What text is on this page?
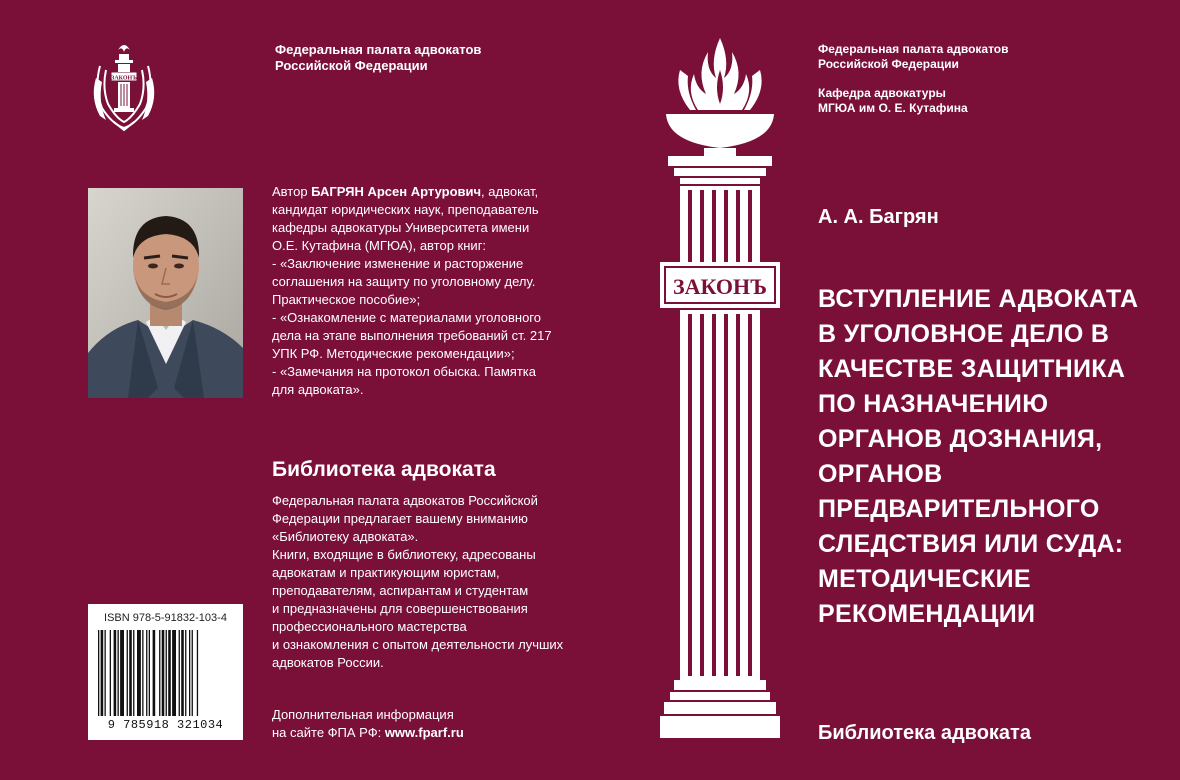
ЗАКОНЪ
Федеральная палата адвокатов
Российской Федерации
Автор БАГРЯН Арсен Артурович, адвокат,
кандидат юридических наук, преподаватель
кафедры адвокатуры Университета имени
О.Е. Кутафина (МГЮА), автор книг:
- «Заключение изменение и расторжение
соглашения на защиту по уголовному делу.
Практическое пособие»;
- «Ознакомление с материалами уголовного
дела на этапе выполнения требований ст. 217
УПК РФ. Методические рекомендации»;
- «Замечания на протокол обыска. Памятка
для адвоката».
Библиотека адвоката
Федеральная палата адвокатов Российской
Федерации предлагает вашему вниманию
«Библиотеку адвоката».
Книги, входящие в библиотеку, адресованы
адвокатам и практикующим юристам,
преподавателям, аспирантам и студентам
и предназначены для совершенствования
профессионального мастерства
и ознакомления с опытом деятельности лучших
адвокатов России.
ISBN 978-5-91832-103-4
9 785918 321034
Дополнительная информация
на сайте ФПА РФ: www.fparf.ru
ЗАКОНЪ
Федеральная палата адвокатов
Российской Федерации
Кафедра адвокатуры
МГЮА им О. Е. Кутафина
А. А. Багрян
ВСТУПЛЕНИЕ АДВОКАТА
В УГОЛОВНОЕ ДЕЛО В
КАЧЕСТВЕ ЗАЩИТНИКА
ПО НАЗНАЧЕНИЮ
ОРГАНОВ ДОЗНАНИЯ,
ОРГАНОВ
ПРЕДВАРИТЕЛЬНОГО
СЛЕДСТВИЯ ИЛИ СУДА:
МЕТОДИЧЕСКИЕ
РЕКОМЕНДАЦИИ
Библиотека адвоката
